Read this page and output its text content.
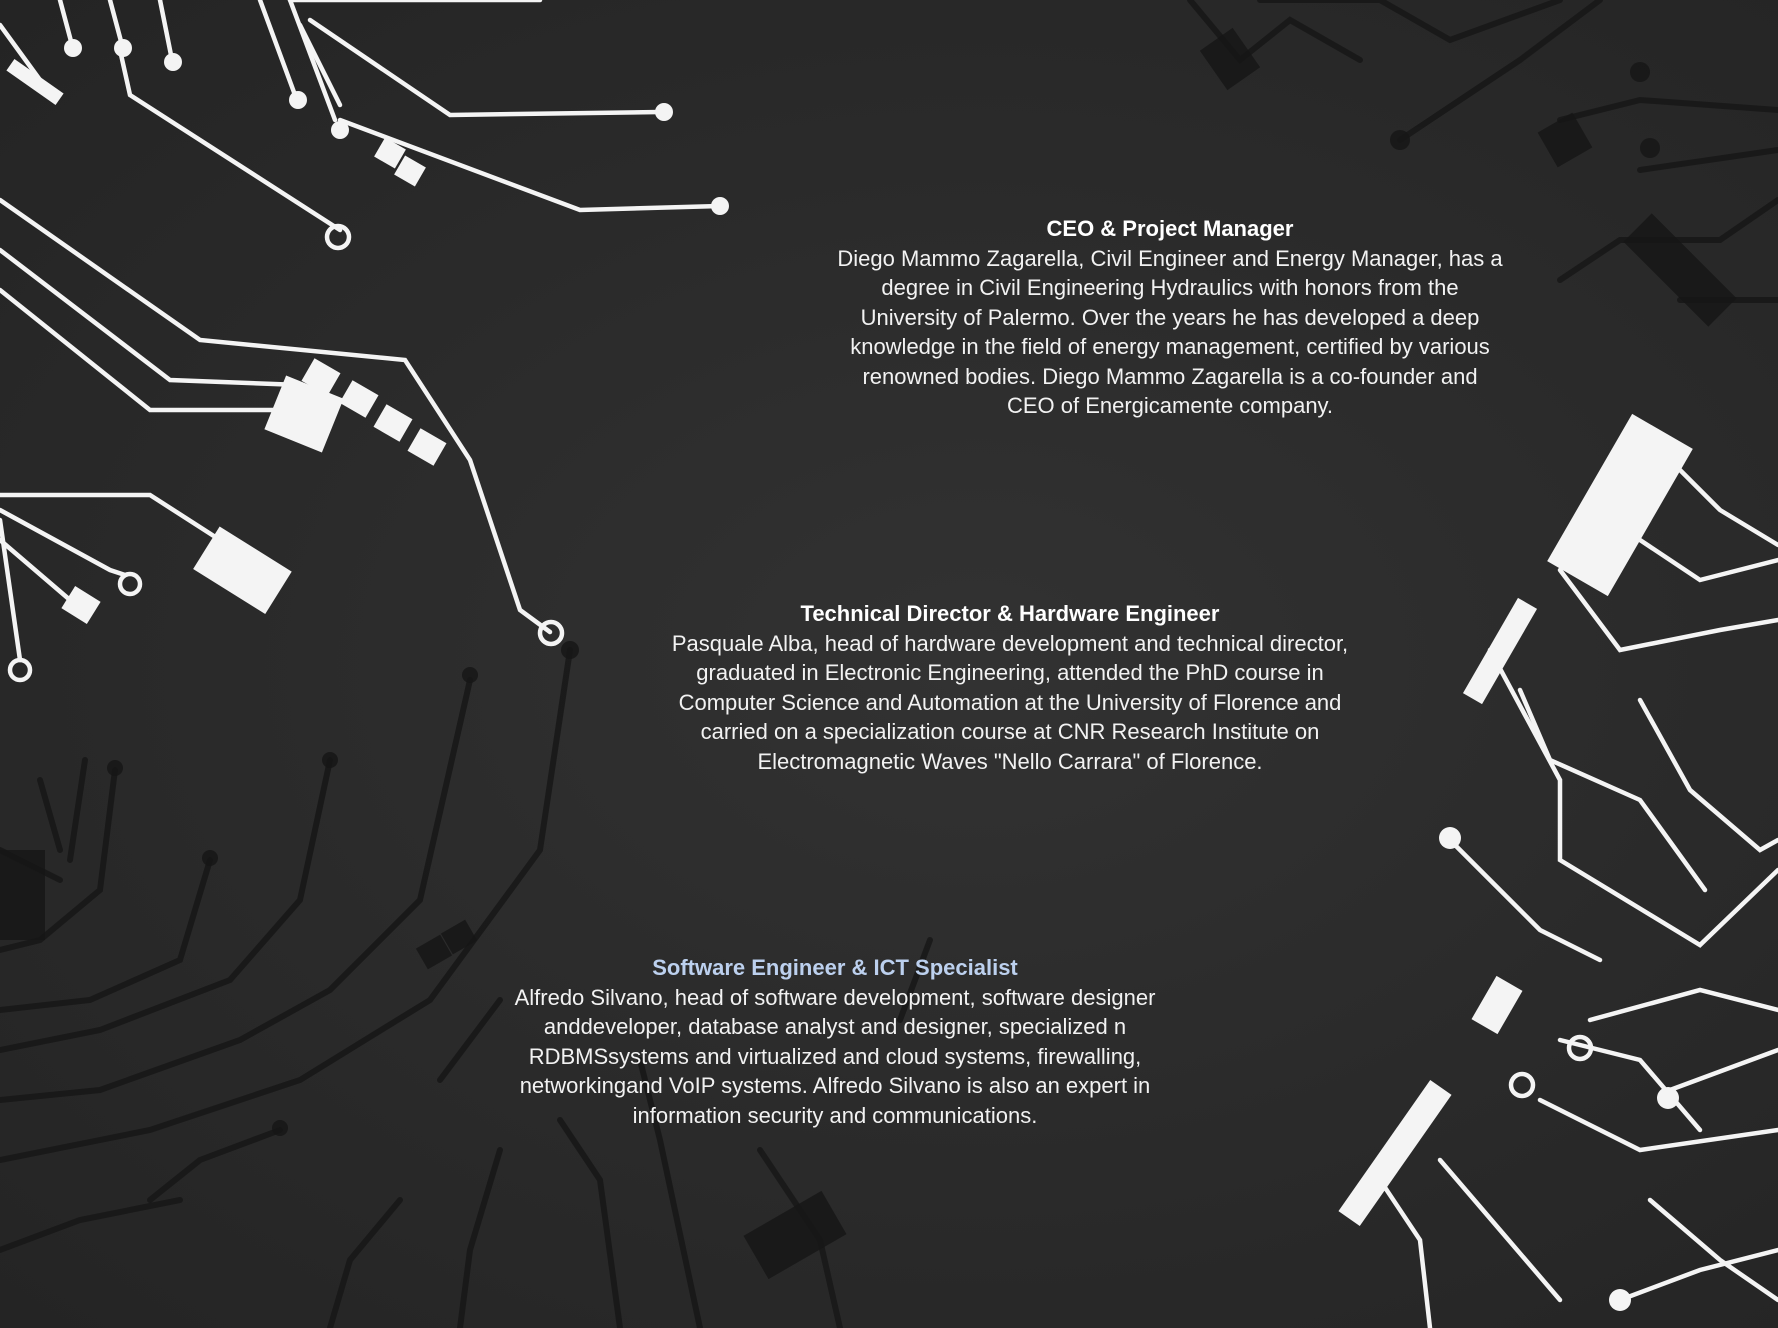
CEO & Project Manager

Diego Mammo Zagarella, Civil Engineer and Energy Manager, has a
degree in Civil Engineering Hydraulics with honors from the
University of Palermo. Over the years he has developed a deep
knowledge in the field of energy management, certified by various
renowned bodies. Diego Mammo Zagarella is a co-founder and
CEO of Energicamente company.

Technical Director & Hardware Engineer

Pasquale Alba, head of hardware development and technical director,
graduated in Electronic Engineering, attended the PhD course in
Computer Science and Automation at the University of Florence and
carried on a specialization course at CNR Research Institute on
Electromagnetic Waves "Nello Carrara" of Florence.

Software Engineer & ICT Specialist

Alfredo Silvano, head of software development, software designer
anddeveloper, database analyst and designer, specialized n
RDBMSsystems and virtualized and cloud systems, firewalling,
networkingand VoIP systems. Alfredo Silvano is also an expert in
information security and communications.
